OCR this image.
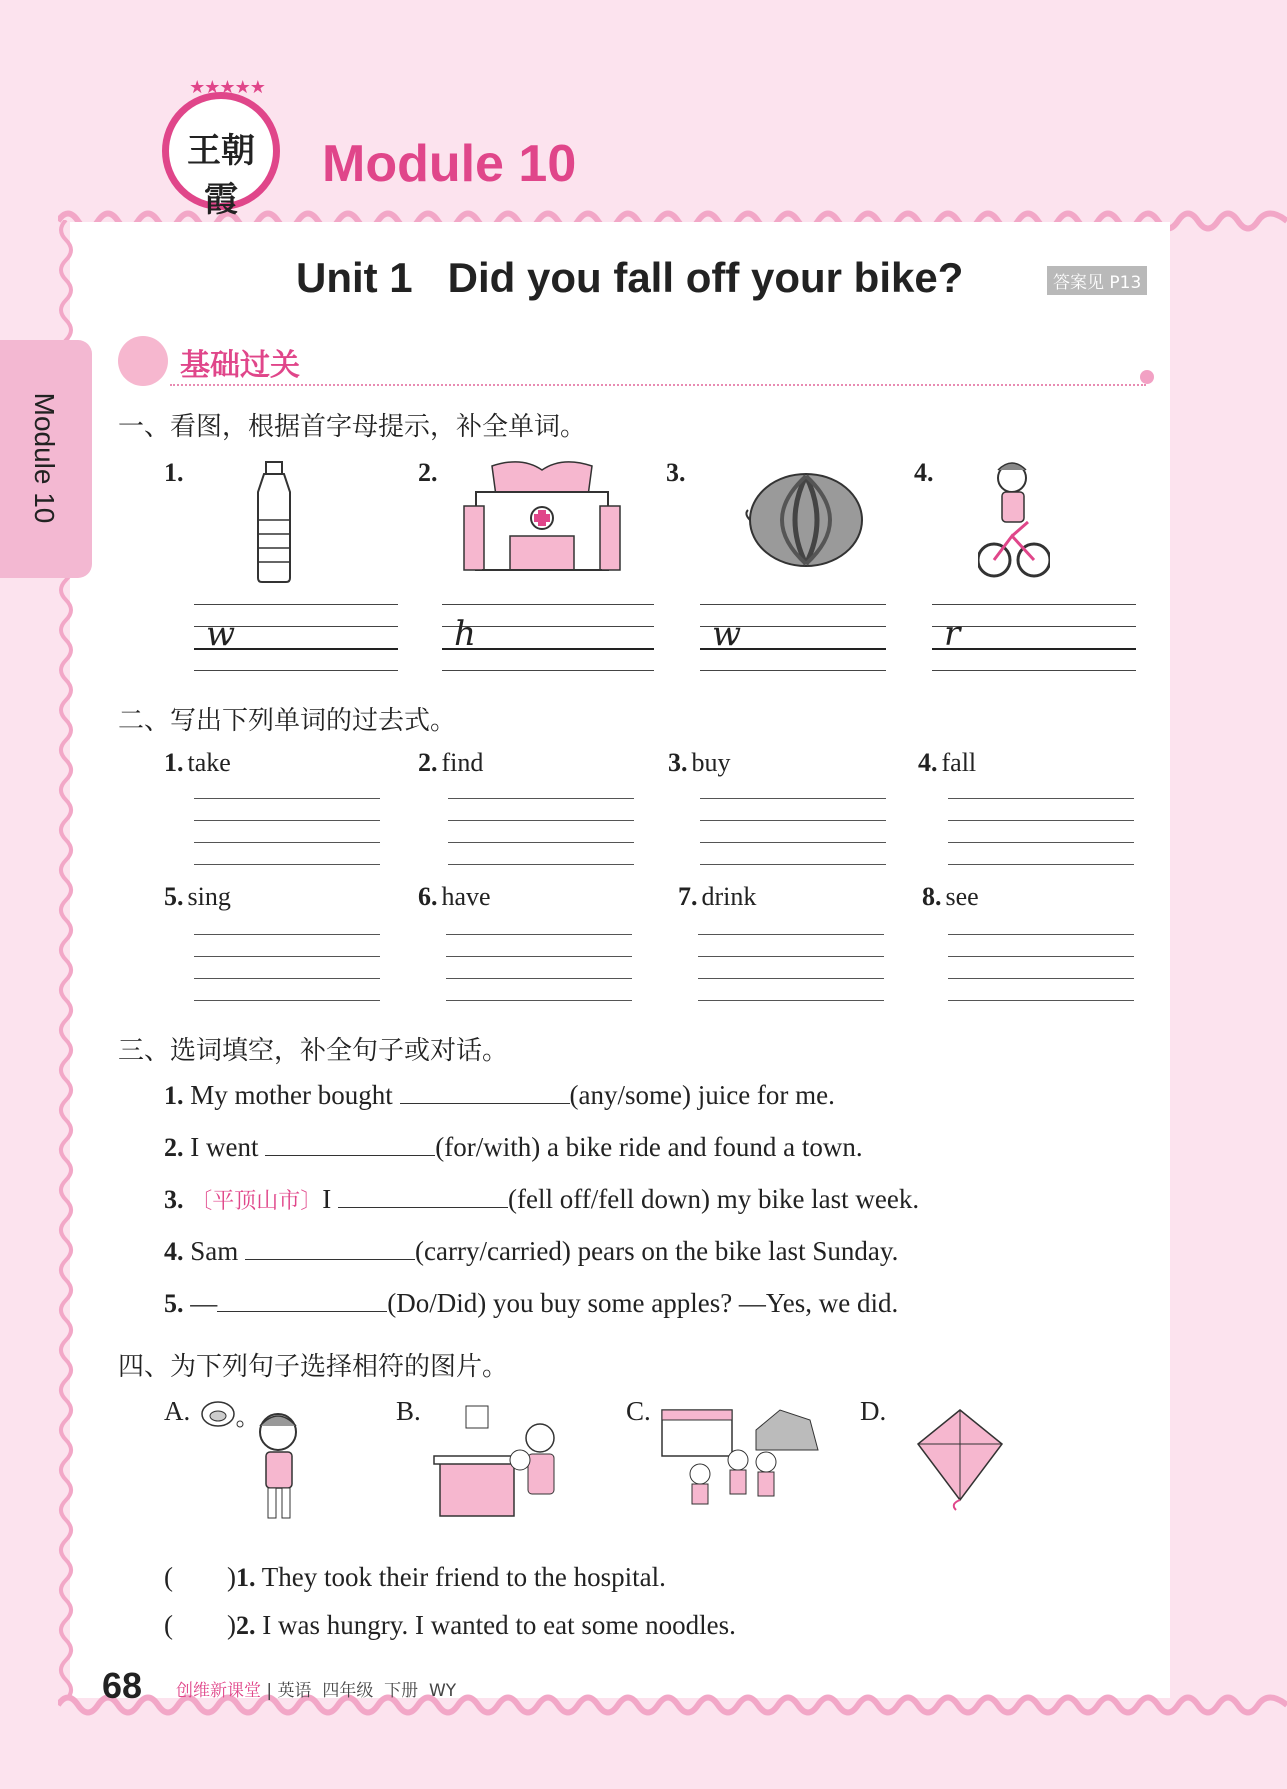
★★★★★
王朝霞
Module 10
Module 10
Unit 1   Did you fall off your bike?	答案见 P13
基础过关
一、看图，根据首字母提示，补全单词。
1.
w
2.
h
3.
w
4.
r
二、写出下列单词的过去式。
1. take	2. find	3. buy	4. fall
5. sing	6. have	7. drink	8. see
三、选词填空，补全句子或对话。
1. My mother bought	(any/some) juice for me.
2. I went	(for/with) a bike ride and found a town.
3. 〔平顶山市〕I	(fell off/fell down) my bike last week.
4. Sam	(carry/carried) pears on the bike last Sunday.
5. —	(Do/Did) you buy some apples? —Yes, we did.
四、为下列句子选择相符的图片。
A.	B.	C.	D.
(        )1. They took their friend to the hospital.
(        )2. I was hungry. I wanted to eat some noodles.
68 创维新课堂 | 英语  四年级  下册  WY
